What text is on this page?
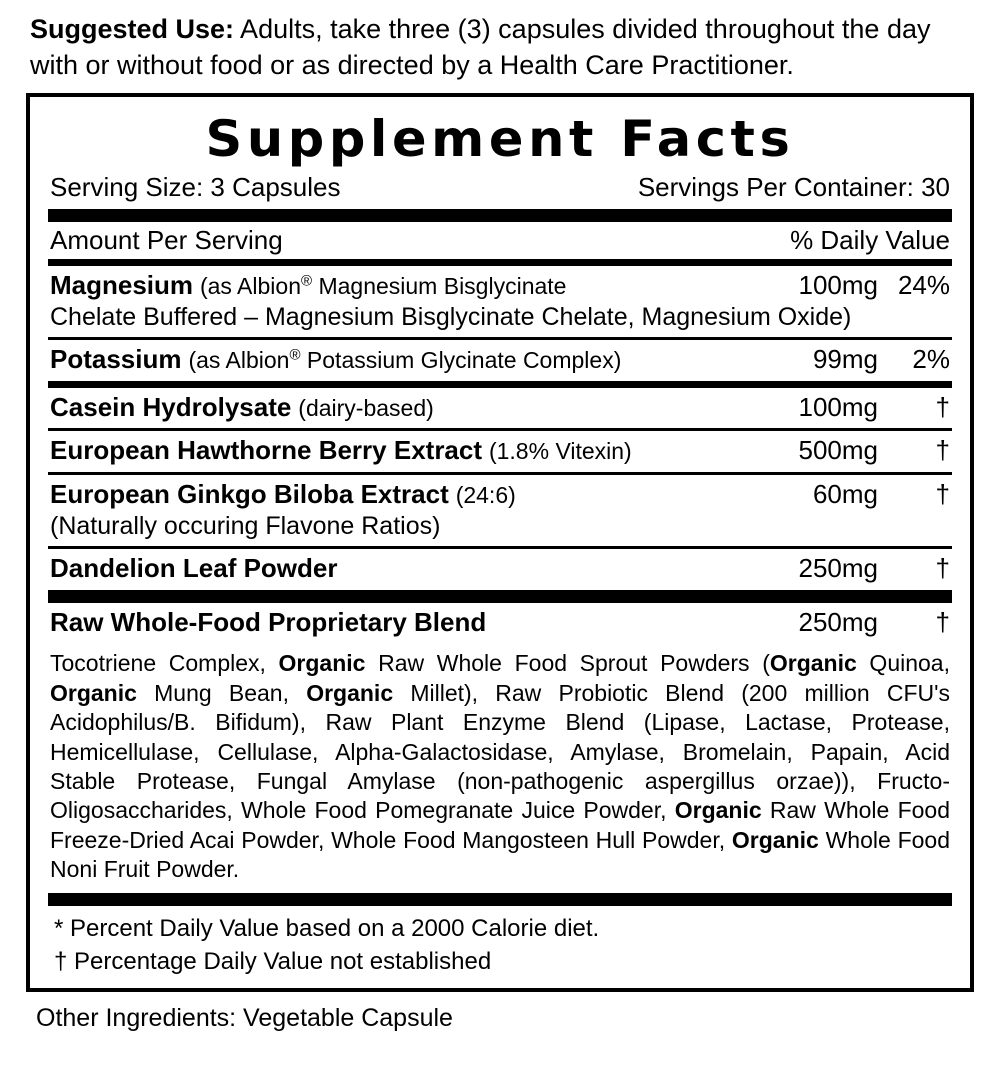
Suggested Use: Adults, take three (3) capsules divided throughout the day with or without food or as directed by a Health Care Practitioner.
Supplement Facts
Serving Size: 3 Capsules	Servings Per Container: 30
Amount Per Serving	% Daily Value
Magnesium (as Albion® Magnesium Bisglycinate	100mg 24%
Chelate Buffered – Magnesium Bisglycinate Chelate, Magnesium Oxide)
Potassium (as Albion® Potassium Glycinate Complex)	99mg	2%
Casein Hydrolysate (dairy-based)	100mg	†
European Hawthorne Berry Extract (1.8% Vitexin)	500mg	†
European Ginkgo Biloba Extract (24:6)	60mg	†
(Naturally occuring Flavone Ratios)
Dandelion Leaf Powder	250mg	†
Raw Whole-Food Proprietary Blend	250mg	†
Tocotriene Complex, Organic Raw Whole Food Sprout Powders (Organic Quinoa, Organic Mung Bean, Organic Millet), Raw Probiotic Blend (200 million CFU's Acidophilus/B. Bifidum), Raw Plant Enzyme Blend (Lipase, Lactase, Protease, Hemicellulase, Cellulase, Alpha-Galactosidase, Amylase, Bromelain, Papain, Acid Stable Protease, Fungal Amylase (non-pathogenic aspergillus orzae)), Fructo-Oligosaccharides, Whole Food Pomegranate Juice Powder, Organic Raw Whole Food Freeze-Dried Acai Powder, Whole Food Mangosteen Hull Powder, Organic Whole Food Noni Fruit Powder.
* Percent Daily Value based on a 2000 Calorie diet.
† Percentage Daily Value not established
Other Ingredients: Vegetable Capsule
